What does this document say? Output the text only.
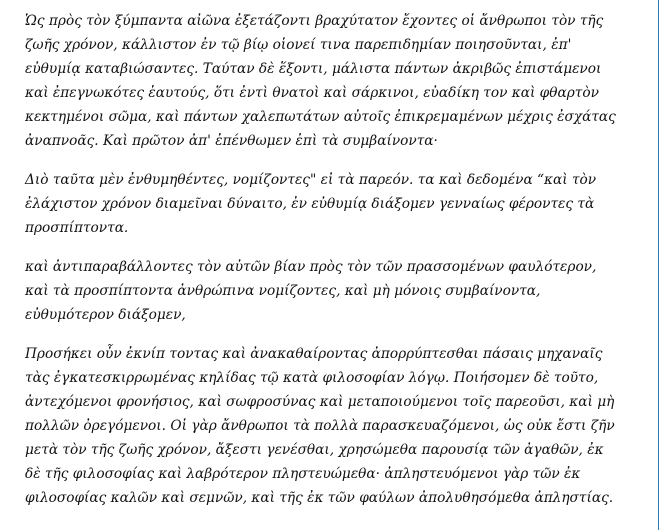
Ὡς πρὸς τὸν ξύμπαντα αἰῶνα ἐξετάζοντι βραχύτατον ἔχοντες οἱ ἄνθρωποι τὸν τῆς
ζωῆς χρόνον, κάλλιστον ἐν τῷ βίῳ οἱονεί τινα παρεπιδημίαν ποιησοῦνται, ἐπ'
εὐθυμίᾳ καταβιώσαντες. Ταύταν δὲ ἕξοντι, μάλιστα πάντων ἀκριβῶς ἐπιστάμενοι
καὶ ἐπεγνωκότες ἑαυτούς, ὅτι ἐντὶ θνατοὶ καὶ σάρκινοι, εὐαδίκη τον καὶ φθαρτὸν
κεκτημένοι σῶμα, καὶ πάντων χαλεπωτάτων αὐτοῖς ἐπικρεμαμένων μέχρις ἐσχάτας
ἀναπνοᾶς. Καὶ πρῶτον ἀπ' ἐπένθωμεν ἐπὶ τὰ συμβαίνοντα·
Διὸ ταῦτα μὲν ἐνθυμηθέντες, νομίζοντες" εἰ τὰ παρεόν. τα καὶ δεδομένα “καὶ τὸν
ἐλάχιστον χρόνον διαμεῖναι δύναιτο, ἐν εὐθυμίᾳ διάξομεν γενναίως φέροντες τὰ
προσπίπτοντα.
καὶ ἀντιπαραβάλλοντες τὸν αὐτῶν βίαν πρὸς τὸν τῶν πρασσομένων φαυλότερον,
καὶ τὰ προσπίπτοντα ἀνθρώπινα νομίζοντες, καὶ μὴ μόνοις συμβαίνοντα,
εὐθυμότερον διάξομεν,
Προσήκει οὖν ἐκνίπ τοντας καὶ ἀνακαθαίροντας ἀπορρύπτεσθαι πάσαις μηχαναῖς
τὰς ἐγκατεσκιρρωμένας κηλίδας τῷ κατὰ φιλοσοφίαν λόγῳ. Ποιήσομεν δὲ τοῦτο,
ἀντεχόμενοι φρονήσιος, καὶ σωφροσύνας καὶ μεταποιούμενοι τοῖς παρεοῦσι, καὶ μὴ
πολλῶν ὀρεγόμενοι. Οἱ γὰρ ἄνθρωποι τὰ πολλὰ παρασκευαζόμενοι, ὡς οὐκ ἔστι ζῆν
μετὰ τὸν τῆς ζωῆς χρόνον, ἄξεστι γενέσθαι, χρησώμεθα παρουσίᾳ τῶν ἀγαθῶν, ἐκ
δὲ τῆς φιλοσοφίας καὶ λαβρότερον πληστευώμεθα· ἀπληστευόμενοι γὰρ τῶν ἐκ
φιλοσοφίας καλῶν καὶ σεμνῶν, καὶ τῆς ἐκ τῶν φαύλων ἀπολυθησόμεθα ἀπληστίας.
